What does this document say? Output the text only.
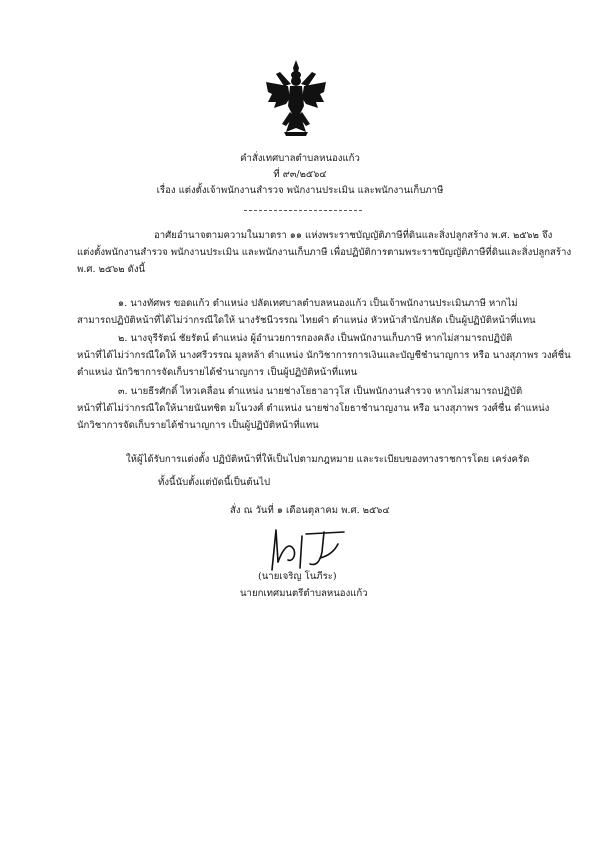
คำสั่งเทศบาลตำบลหนองแก้ว
ที่ ๙๓/๒๕๖๔
เรื่อง แต่งตั้งเจ้าพนักงานสำรวจ พนักงานประเมิน และพนักงานเก็บภาษี
อาศัยอำนาจตามความในมาตรา ๑๑ แห่งพระราชบัญญัติภาษีที่ดินและสิ่งปลูกสร้าง พ.ศ. ๒๕๖๒ จึง
แต่งตั้งพนักงานสำรวจ พนักงานประเมิน และพนักงานเก็บภาษี เพื่อปฏิบัติการตามพระราชบัญญัติภาษีที่ดินและสิ่งปลูกสร้าง
พ.ศ. ๒๕๖๒ ดังนี้
๑. นางทัศพร ขอดแก้ว ตำแหน่ง ปลัดเทศบาลตำบลหนองแก้ว เป็นเจ้าพนักงานประเมินภาษี หากไม่
สามารถปฏิบัติหน้าที่ได้ไม่ว่ากรณีใดให้ นางรัชนีวรรณ ไทยคำ ตำแหน่ง หัวหน้าสำนักปลัด เป็นผู้ปฏิบัติหน้าที่แทน
๒. นางจุรีรัตน์ ชัยรัตน์ ตำแหน่ง ผู้อำนวยการกองคลัง เป็นพนักงานเก็บภาษี หากไม่สามารถปฏิบัติ
หน้าที่ได้ไม่ว่ากรณีใดให้ นางศรีวรรณ มูลหล้า ตำแหน่ง นักวิชาการการเงินและบัญชีชำนาญการ หรือ นางสุภาพร วงศ์ชื่น
ตำแหน่ง นักวิชาการจัดเก็บรายได้ชำนาญการ เป็นผู้ปฏิบัติหน้าที่แทน
๓. นายธีรศักดิ์ ไหวเคลื่อน ตำแหน่ง นายช่างโยธาอาวุโส เป็นพนักงานสำรวจ หากไม่สามารถปฏิบัติ
หน้าที่ได้ไม่ว่ากรณีใดให้นายนันทชิต มโนวงศ์ ตำแหน่ง นายช่างโยธาชำนาญงาน หรือ นางสุภาพร วงศ์ชื่น ตำแหน่ง
นักวิชาการจัดเก็บรายได้ชำนาญการ เป็นผู้ปฏิบัติหน้าที่แทน
ให้ผู้ได้รับการแต่งตั้ง ปฏิบัติหน้าที่ให้เป็นไปตามกฎหมาย และระเบียบของทางราชการโดย เคร่งครัด
ทั้งนี้นับตั้งแต่บัดนี้เป็นต้นไป
สั่ง ณ วันที่ ๑ เดือนตุลาคม พ.ศ. ๒๕๖๔
(นายเจริญ โนภีระ)
นายกเทศมนตรีตำบลหนองแก้ว
